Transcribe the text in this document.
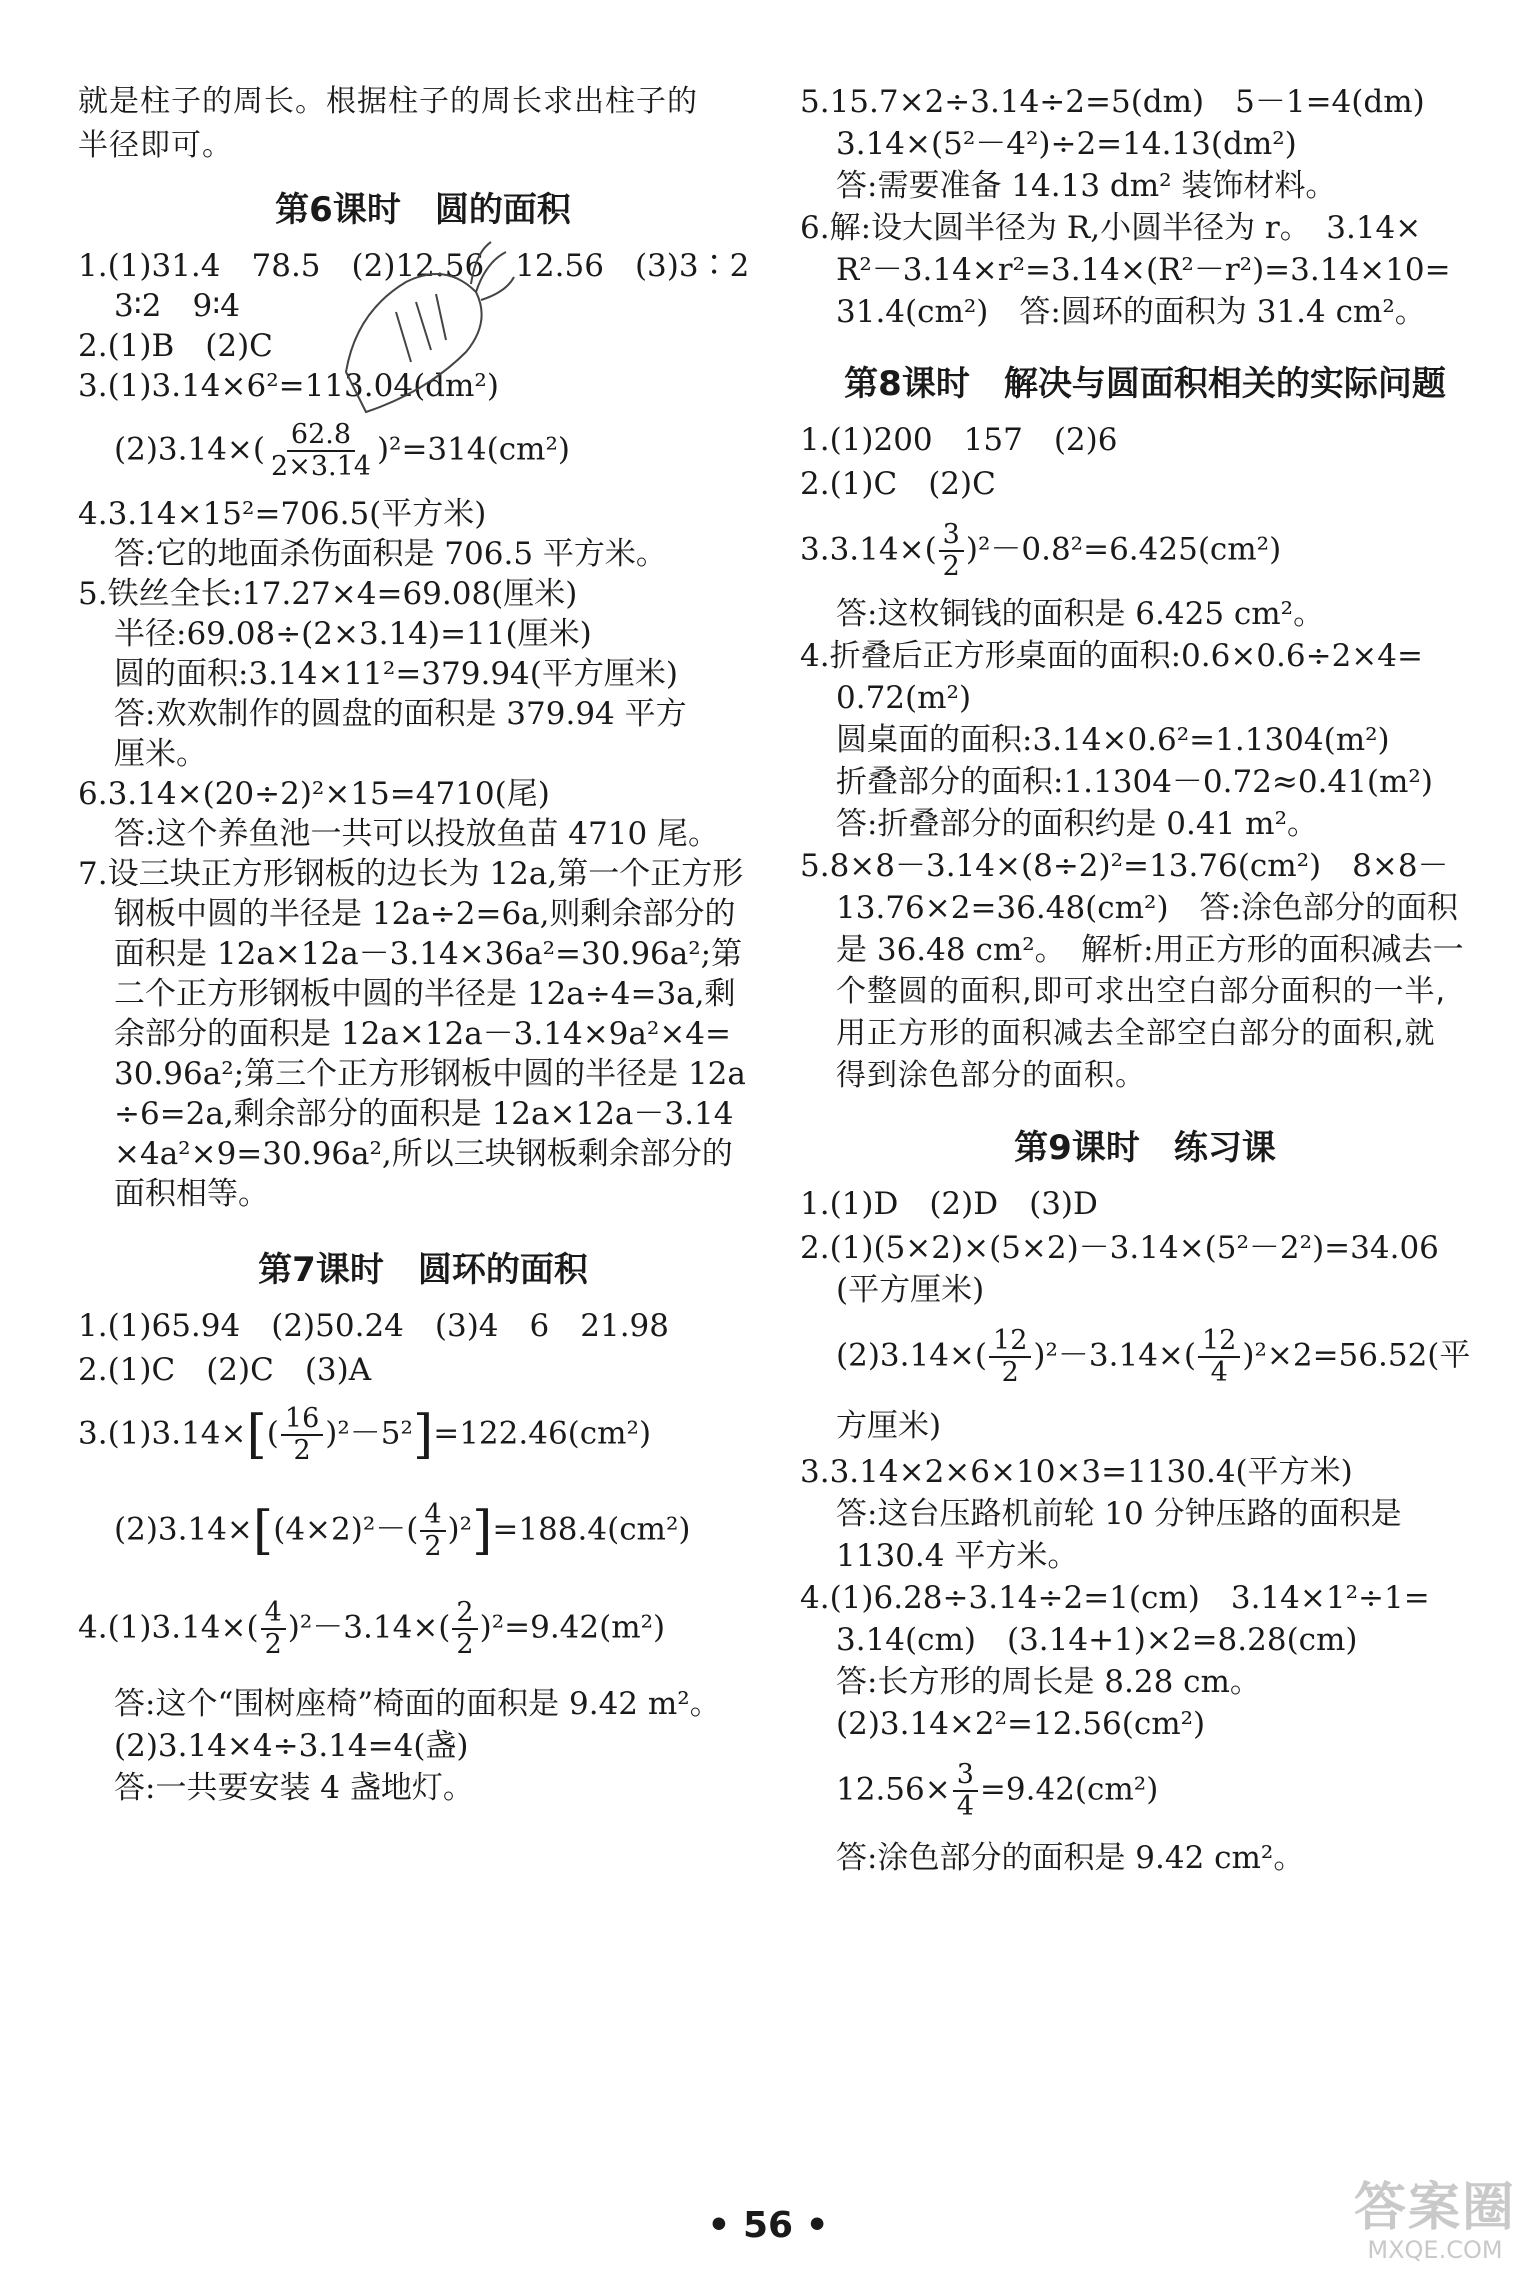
就是柱子的周长。根据柱子的周长求出柱子的
半径即可。
第6课时　圆的面积
1.(1)31.4　78.5　(2)12.56　12.56　(3)3∶2
3∶2　9∶4
2.(1)B　(2)C
3.(1)3.14×6²=113.04(dm²)
$(2)3.14\times( \frac{62.8}{2\times 3.14} )^2=314(cm^2)$
4.3.14×15²=706.5(平方米)
答:它的地面杀伤面积是 706.5 平方米。
5.铁丝全长:17.27×4=69.08(厘米)
半径:69.08÷(2×3.14)=11(厘米)
圆的面积:3.14×11²=379.94(平方厘米)
答:欢欢制作的圆盘的面积是 379.94 平方
厘米。
6.3.14×(20÷2)²×15=4710(尾)
答:这个养鱼池一共可以投放鱼苗 4710 尾。
7.设三块正方形钢板的边长为 12a,第一个正方形
钢板中圆的半径是 12a÷2=6a,则剩余部分的
面积是 12a×12a－3.14×36a²=30.96a²;第
二个正方形钢板中圆的半径是 12a÷4=3a,剩
余部分的面积是 12a×12a－3.14×9a²×4=
30.96a²;第三个正方形钢板中圆的半径是 12a
÷6=2a,剩余部分的面积是 12a×12a－3.14
×4a²×9=30.96a²,所以三块钢板剩余部分的
面积相等。
第7课时　圆环的面积
1.(1)65.94　(2)50.24　(3)4　6　21.98
2.(1)C　(2)C　(3)A
$3.(1)3.14\times[( \frac{16}{2} )^2-5^2]=122.46(cm^2)$
$(2)3.14\times[(4\times 2)^2-( \frac{4}{2} )^2]=188.4(cm^2)$
$4.(1)3.14\times( \frac{4}{2} )^2-3.14\times( \frac{2}{2} )^2=9.42(m^2)$
答:这个“围树座椅”椅面的面积是 9.42 m²。
(2)3.14×4÷3.14=4(盏)
答:一共要安装 4 盏地灯。
5.15.7×2÷3.14÷2=5(dm)　5－1=4(dm)
3.14×(5²－4²)÷2=14.13(dm²)
答:需要准备 14.13 dm² 装饰材料。
6.解:设大圆半径为 R,小圆半径为 r。　3.14×
R²－3.14×r²=3.14×(R²－r²)=3.14×10=
31.4(cm²)　答:圆环的面积为 31.4 cm²。
第8课时　解决与圆面积相关的实际问题
1.(1)200　157　(2)6
2.(1)C　(2)C
$3.3.14\times( \frac{3}{2} )^2-0.8^2=6.425(cm^2)$
答:这枚铜钱的面积是 6.425 cm²。
4.折叠后正方形桌面的面积:0.6×0.6÷2×4=
0.72(m²)
圆桌面的面积:3.14×0.6²=1.1304(m²)
折叠部分的面积:1.1304－0.72≈0.41(m²)
答:折叠部分的面积约是 0.41 m²。
5.8×8－3.14×(8÷2)²=13.76(cm²)　8×8－
13.76×2=36.48(cm²)　答:涂色部分的面积
是 36.48 cm²。　解析:用正方形的面积减去一
个整圆的面积,即可求出空白部分面积的一半,
用正方形的面积减去全部空白部分的面积,就
得到涂色部分的面积。
第9课时　练习课
1.(1)D　(2)D　(3)D
2.(1)(5×2)×(5×2)－3.14×(5²－2²)=34.06
(平方厘米)
$(2)3.14\times( \frac{12}{2} )^2-3.14\times( \frac{12}{4} )^2\times 2=56.52$(平
方厘米)
3.3.14×2×6×10×3=1130.4(平方米)
答:这台压路机前轮 10 分钟压路的面积是
1130.4 平方米。
4.(1)6.28÷3.14÷2=1(cm)　3.14×1²÷1=
3.14(cm)　(3.14+1)×2=8.28(cm)
答:长方形的周长是 8.28 cm。
(2)3.14×2²=12.56(cm²)
$12.56\times \frac{3}{4} =9.42(cm^2)$
答:涂色部分的面积是 9.42 cm²。
• 56 •	答案圈
MXQE.COM
